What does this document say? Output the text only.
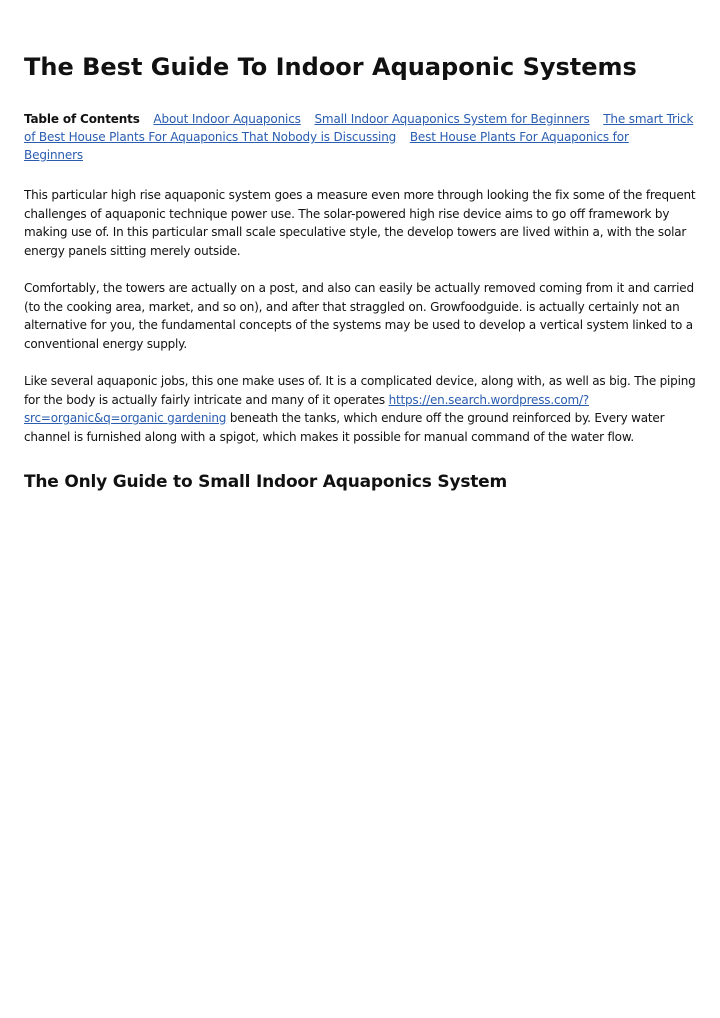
The Best Guide To Indoor Aquaponic Systems
Table of Contents About Indoor Aquaponics Small Indoor Aquaponics System for Beginners The smart Trick of Best House Plants For Aquaponics That Nobody is Discussing Best House Plants For Aquaponics for Beginners

This particular high rise aquaponic system goes a measure even more through looking the fix some of the frequent challenges of aquaponic technique power use. The solar-powered high rise device aims to go off framework by making use of. In this particular small scale speculative style, the develop towers are lived within a, with the solar energy panels sitting merely outside.

Comfortably, the towers are actually on a post, and also can easily be actually removed coming from it and carried (to the cooking area, market, and so on), and after that straggled on. Growfoodguide. is actually certainly not an alternative for you, the fundamental concepts of the systems may be used to develop a vertical system linked to a conventional energy supply.

Like several aquaponic jobs, this one make uses of. It is a complicated device, along with, as well as big. The piping for the body is actually fairly intricate and many of it operates https://en.search.wordpress.com/?src=organic&q=organic gardening beneath the tanks, which endure off the ground reinforced by. Every water channel is furnished along with a spigot, which makes it possible for manual command of the water flow.

The Only Guide to Small Indoor Aquaponics System
